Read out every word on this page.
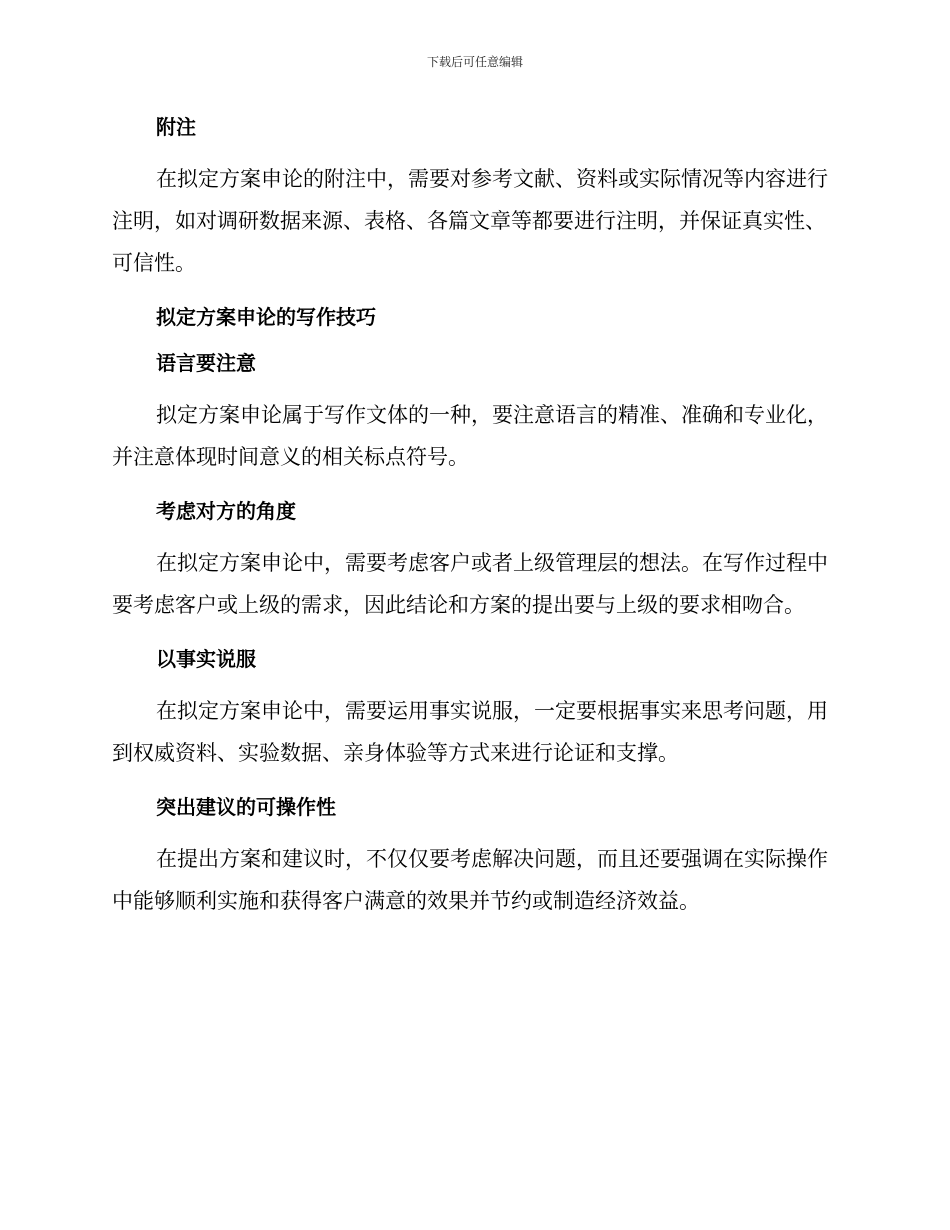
下载后可任意编辑
附注

在拟定方案申论的附注中，需要对参考文献、资料或实际情况等内容进行注明，如对调研数据来源、表格、各篇文章等都要进行注明，并保证真实性、可信性。

拟定方案申论的写作技巧
语言要注意

拟定方案申论属于写作文体的一种，要注意语言的精准、准确和专业化，并注意体现时间意义的相关标点符号。

考虑对方的角度

在拟定方案申论中，需要考虑客户或者上级管理层的想法。在写作过程中要考虑客户或上级的需求，因此结论和方案的提出要与上级的要求相吻合。

以事实说服

在拟定方案申论中，需要运用事实说服，一定要根据事实来思考问题，用到权威资料、实验数据、亲身体验等方式来进行论证和支撑。

突出建议的可操作性

在提出方案和建议时，不仅仅要考虑解决问题，而且还要强调在实际操作中能够顺利实施和获得客户满意的效果并节约或制造经济效益。
